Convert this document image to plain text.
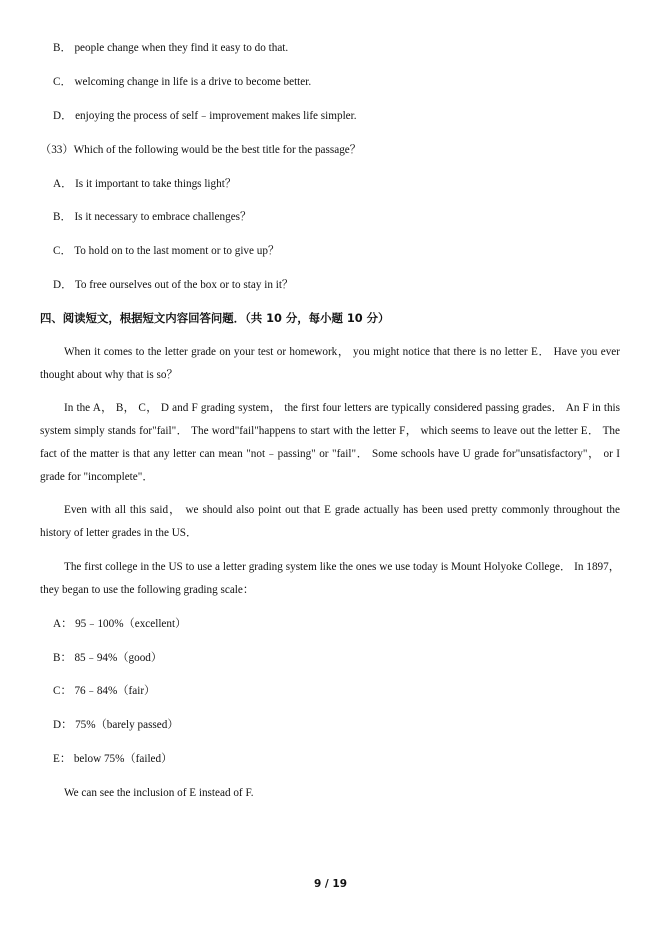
B． people change when they find it easy to do that.
C． welcoming change in life is a drive to become better.
D． enjoying the process of self﹣improvement makes life simpler.
（33）Which of the following would be the best title for the passage？
A． Is it important to take things light？
B． Is it necessary to embrace challenges？
C． To hold on to the last moment or to give up？
D． To free ourselves out of the box or to stay in it？
四、阅读短文，根据短文内容回答问题．（共 10 分，每小题 10 分）

When it comes to the letter grade on your test or homework， you might notice that there is no letter E． Have you ever thought about why that is so？

In the A， B， C， D and F grading system， the first four letters are typically considered passing grades． An F in this system simply stands for"fail"． The word"fail"happens to start with the letter F， which seems to leave out the letter E． The fact of the matter is that any letter can mean "not﹣passing" or "fail"． Some schools have U grade for"unsatisfactory"， or I grade for "incomplete"．

Even with all this said， we should also point out that E grade actually has been used pretty commonly throughout the history of letter grades in the US．

The first college in the US to use a letter grading system like the ones we use today is Mount Holyoke College． In 1897， they began to use the following grading scale：

A： 95﹣100%（excellent）
B： 85﹣94%（good）
C： 76﹣84%（fair）
D： 75%（barely passed）
E： below 75%（failed）
We can see the inclusion of E instead of F.
9 / 19
